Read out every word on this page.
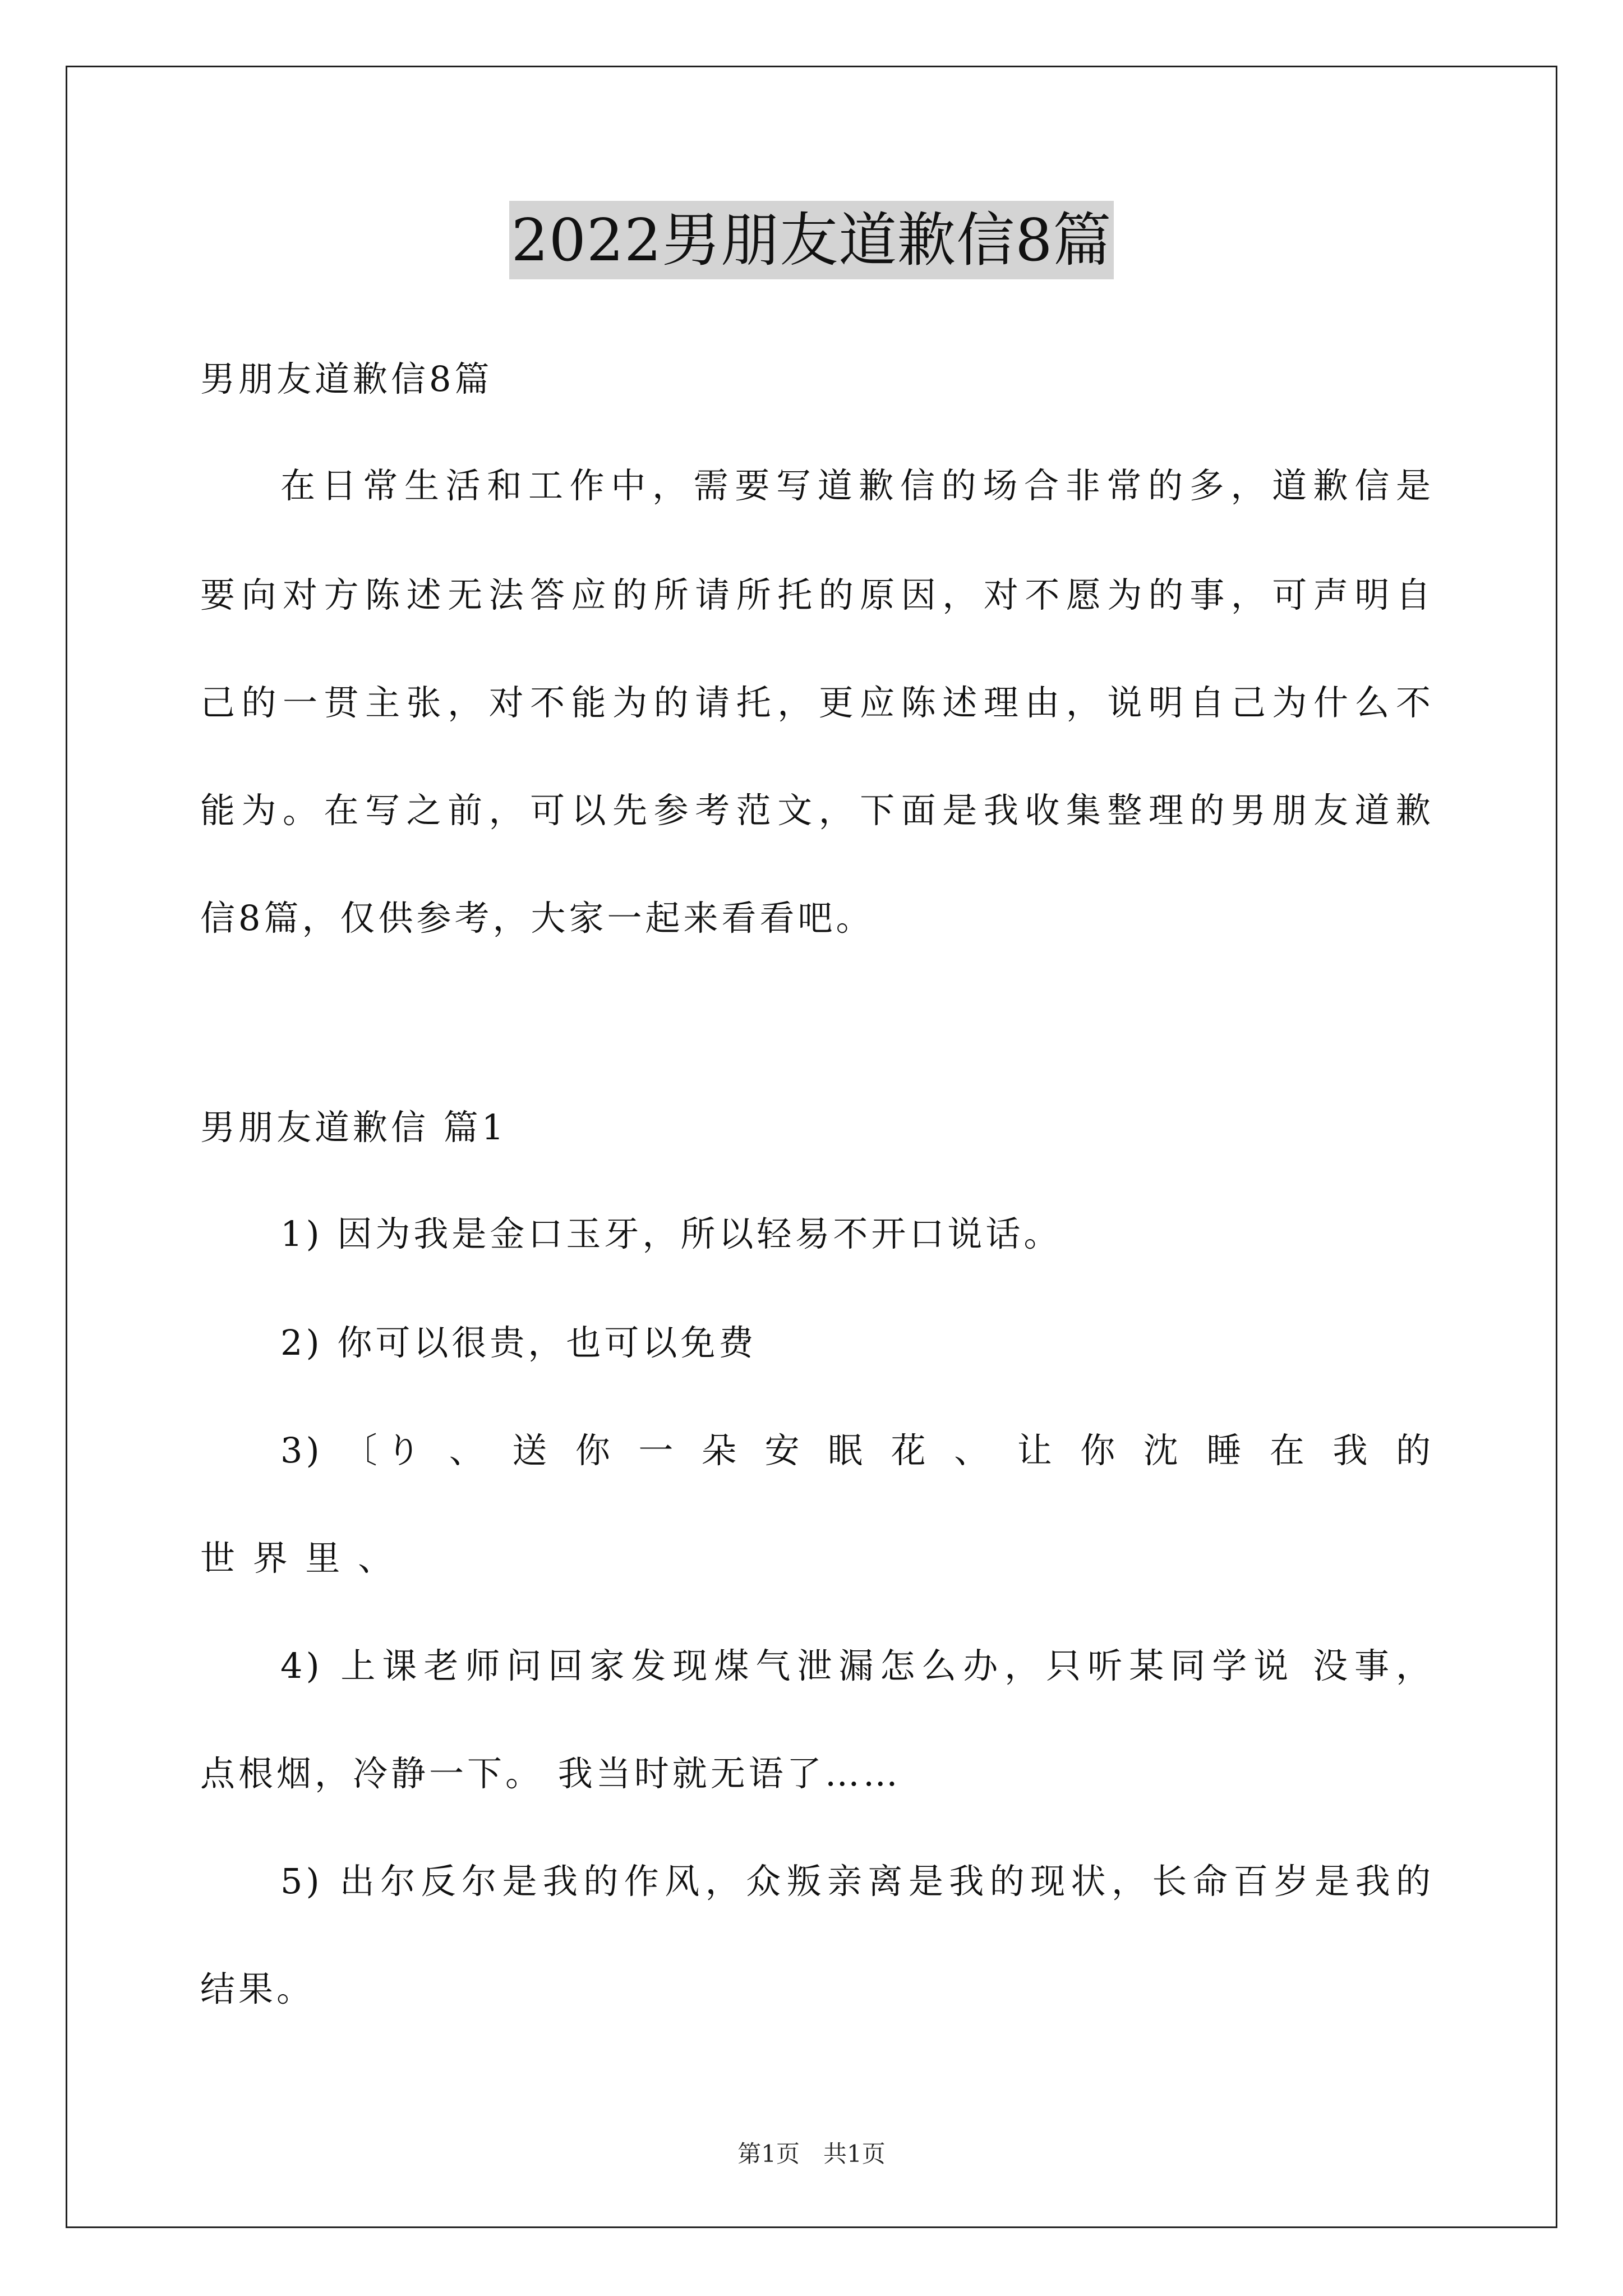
2022男朋友道歉信8篇
男朋友道歉信8篇
在日常生活和工作中，需要写道歉信的场合非常的多，道歉信是
要向对方陈述无法答应的所请所托的原因，对不愿为的事，可声明自
己的一贯主张，对不能为的请托，更应陈述理由，说明自己为什么不
能为。在写之前，可以先参考范文，下面是我收集整理的男朋友道歉
信8篇，仅供参考，大家一起来看看吧。
男朋友道歉信 篇1
1) 因为我是金口玉牙，所以轻易不开口说话。
2) 你可以很贵，也可以免费
3) 〔り 、 送 你 一 朵 安 眠 花 、 让 你 沈 睡 在 我 的
世 界 里 、
4) 上课老师问回家发现煤气泄漏怎么办，只听某同学说 没事，
点根烟，冷静一下。 我当时就无语了……
5) 出尔反尔是我的作风，众叛亲离是我的现状，长命百岁是我的
结果。
第1页　共1页
